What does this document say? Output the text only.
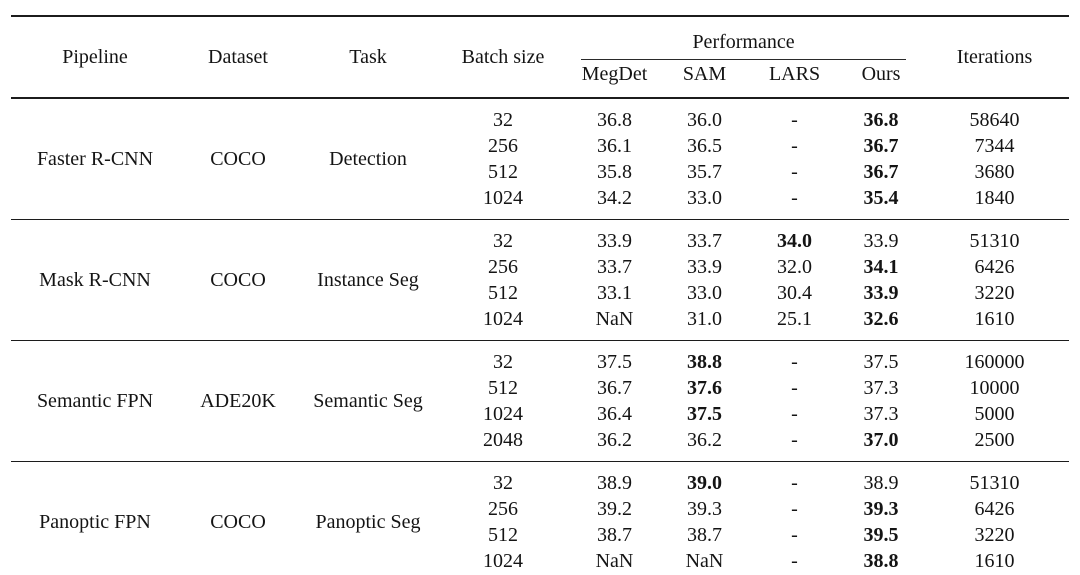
Pipeline	Dataset	Task	Batch size	Performance				Iterations
				MegDet	SAM	LARS	Ours	
Faster R-CNN	COCO	Detection	32	36.8	36.0	-	36.8	58640
			256	36.1	36.5	-	36.7	7344
			512	35.8	35.7	-	36.7	3680
			1024	34.2	33.0	-	35.4	1840
Mask R-CNN	COCO	Instance Seg	32	33.9	33.7	34.0	33.9	51310
			256	33.7	33.9	32.0	34.1	6426
			512	33.1	33.0	30.4	33.9	3220
			1024	NaN	31.0	25.1	32.6	1610
Semantic FPN	ADE20K	Semantic Seg	32	37.5	38.8	-	37.5	160000
			512	36.7	37.6	-	37.3	10000
			1024	36.4	37.5	-	37.3	5000
			2048	36.2	36.2	-	37.0	2500
Panoptic FPN	COCO	Panoptic Seg	32	38.9	39.0	-	38.9	51310
			256	39.2	39.3	-	39.3	6426
			512	38.7	38.7	-	39.5	3220
			1024	NaN	NaN	-	38.8	1610
